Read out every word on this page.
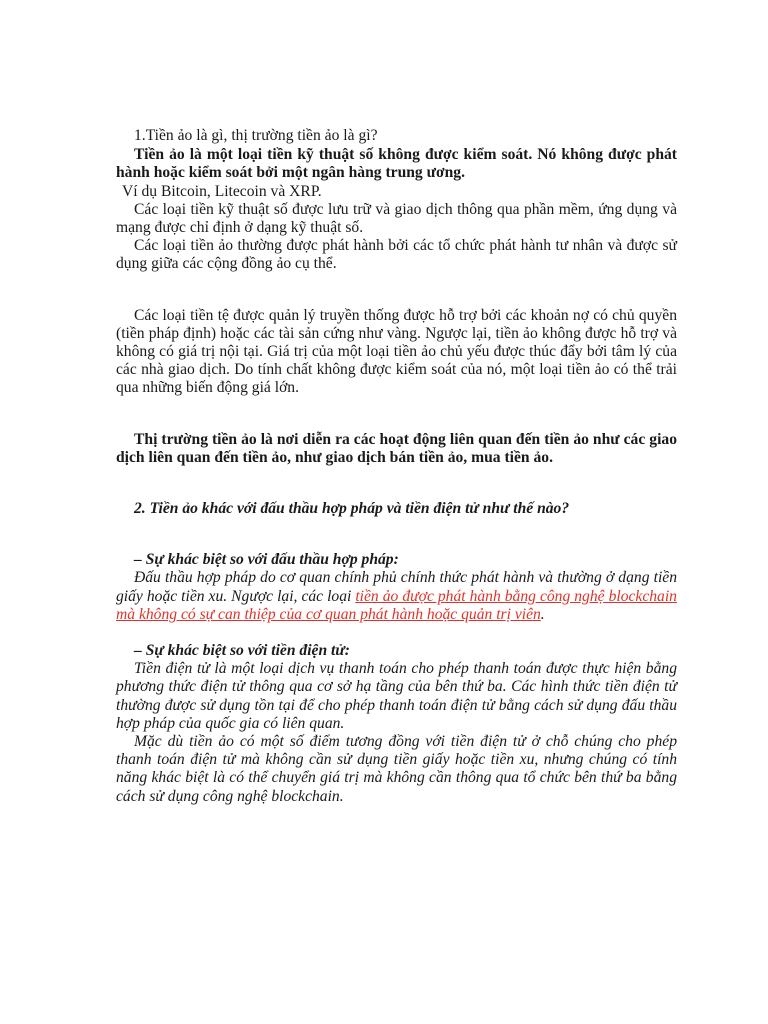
1.Tiền ảo là gì, thị trường tiền ảo là gì?

Tiền ảo là một loại tiền kỹ thuật số không được kiểm soát. Nó không được phát hành hoặc kiểm soát bởi một ngân hàng trung ương.

Ví dụ Bitcoin, Litecoin và XRP.

Các loại tiền kỹ thuật số được lưu trữ và giao dịch thông qua phần mềm, ứng dụng và mạng được chỉ định ở dạng kỹ thuật số.

Các loại tiền ảo thường được phát hành bởi các tổ chức phát hành tư nhân và được sử dụng giữa các cộng đồng ảo cụ thể.

Các loại tiền tệ được quản lý truyền thống được hỗ trợ bởi các khoản nợ có chủ quyền (tiền pháp định) hoặc các tài sản cứng như vàng. Ngược lại, tiền ảo không được hỗ trợ và không có giá trị nội tại. Giá trị của một loại tiền ảo chủ yếu được thúc đẩy bởi tâm lý của các nhà giao dịch. Do tính chất không được kiểm soát của nó, một loại tiền ảo có thể trải qua những biến động giá lớn.

Thị trường tiền ảo là nơi diễn ra các hoạt động liên quan đến tiền ảo như các giao dịch liên quan đến tiền ảo, như giao dịch bán tiền ảo, mua tiền ảo.

2. Tiền ảo khác với đấu thầu hợp pháp và tiền điện tử như thế nào?

– Sự khác biệt so với đấu thầu hợp pháp:

Đấu thầu hợp pháp do cơ quan chính phủ chính thức phát hành và thường ở dạng tiền giấy hoặc tiền xu. Ngược lại, các loại tiền ảo được phát hành bằng công nghệ blockchain mà không có sự can thiệp của cơ quan phát hành hoặc quản trị viên.

– Sự khác biệt so với tiền điện tử:

Tiền điện tử là một loại dịch vụ thanh toán cho phép thanh toán được thực hiện bằng phương thức điện tử thông qua cơ sở hạ tầng của bên thứ ba. Các hình thức tiền điện tử thường được sử dụng tồn tại để cho phép thanh toán điện tử bằng cách sử dụng đấu thầu hợp pháp của quốc gia có liên quan.

Mặc dù tiền ảo có một số điểm tương đồng với tiền điện tử ở chỗ chúng cho phép thanh toán điện tử mà không cần sử dụng tiền giấy hoặc tiền xu, nhưng chúng có tính năng khác biệt là có thể chuyển giá trị mà không cần thông qua tổ chức bên thứ ba bằng cách sử dụng công nghệ blockchain.
